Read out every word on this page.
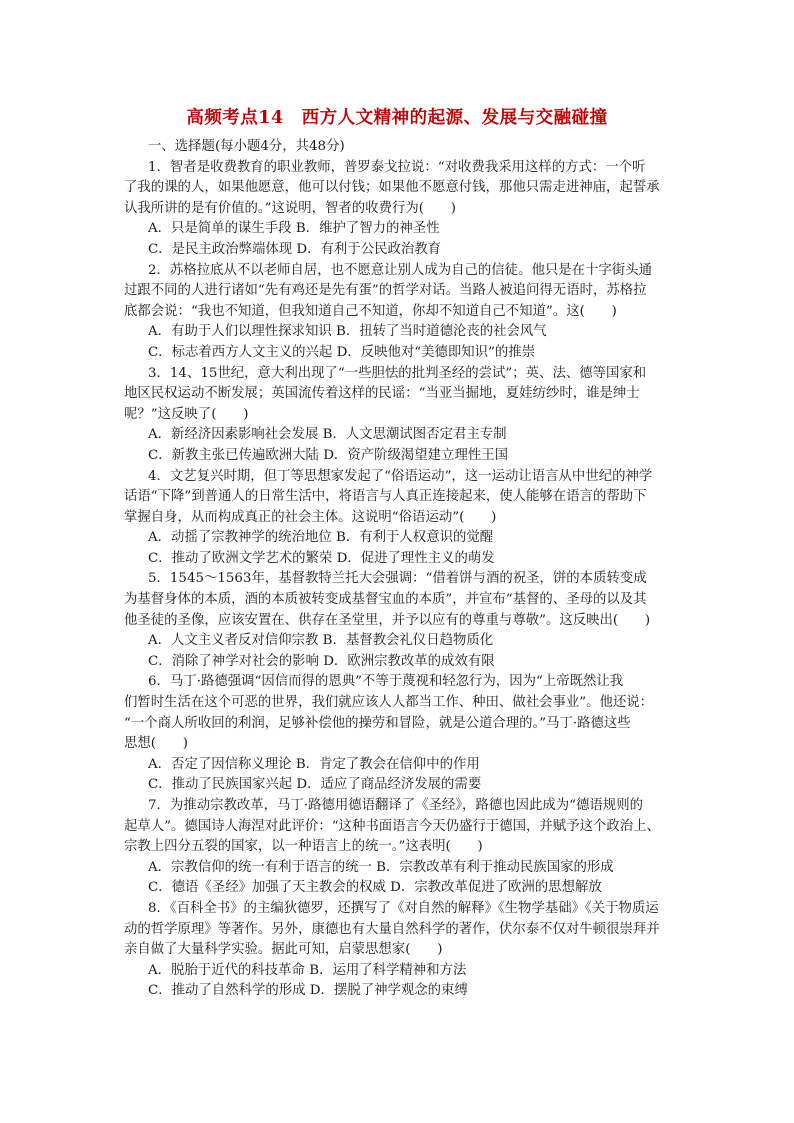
高频考点14　西方人文精神的起源、发展与交融碰撞
一、选择题(每小题4分，共48分)
1．智者是收费教育的职业教师，普罗泰戈拉说：“对收费我采用这样的方式：一个听
了我的课的人，如果他愿意，他可以付钱；如果他不愿意付钱，那他只需走进神庙，起誓承
认我所讲的是有价值的。”这说明，智者的收费行为(　　)
A．只是简单的谋生手段 B．维护了智力的神圣性
C．是民主政治弊端体现 D．有利于公民政治教育
2．苏格拉底从不以老师自居，也不愿意让别人成为自己的信徒。他只是在十字街头通
过跟不同的人进行诸如“先有鸡还是先有蛋”的哲学对话。当路人被追问得无语时，苏格拉
底都会说：“我也不知道，但我知道自己不知道，你却不知道自己不知道”。这(　　)
A．有助于人们以理性探求知识 B．扭转了当时道德沦丧的社会风气
C．标志着西方人文主义的兴起 D．反映他对“美德即知识”的推崇
3．14、15世纪，意大利出现了“一些胆怯的批判圣经的尝试”；英、法、德等国家和
地区民权运动不断发展；英国流传着这样的民谣：“当亚当掘地，夏娃纺纱时，谁是绅士
呢？”这反映了(　　)
A．新经济因素影响社会发展 B．人文思潮试图否定君主专制
C．新教主张已传遍欧洲大陆 D．资产阶级渴望建立理性王国
4．文艺复兴时期，但丁等思想家发起了“俗语运动”，这一运动让语言从中世纪的神学
话语“下降”到普通人的日常生活中，将语言与人真正连接起来，使人能够在语言的帮助下
掌握自身，从而构成真正的社会主体。这说明“俗语运动”(　　)
A．动摇了宗教神学的统治地位 B．有利于人权意识的觉醒
C．推动了欧洲文学艺术的繁荣 D．促进了理性主义的萌发
5．1545～1563年，基督教特兰托大会强调：“借着饼与酒的祝圣，饼的本质转变成
为基督身体的本质，酒的本质被转变成基督宝血的本质”，并宣布“基督的、圣母的以及其
他圣徒的圣像，应该安置在、供存在圣堂里，并予以应有的尊重与尊敬”。这反映出(　　)
A．人文主义者反对信仰宗教 B．基督教会礼仪日趋物质化
C．消除了神学对社会的影响 D．欧洲宗教改革的成效有限
6．马丁·路德强调“因信而得的恩典”不等于蔑视和轻忽行为，因为“上帝既然让我
们暂时生活在这个可恶的世界，我们就应该人人都当工作、种田、做社会事业”。他还说：
“一个商人所收回的利润，足够补偿他的操劳和冒险，就是公道合理的。”马丁·路德这些
思想(　　)
A．否定了因信称义理论 B．肯定了教会在信仰中的作用
C．推动了民族国家兴起 D．适应了商品经济发展的需要
7．为推动宗教改革，马丁·路德用德语翻译了《圣经》，路德也因此成为“德语规则的
起草人”。德国诗人海涅对此评价：“这种书面语言今天仍盛行于德国，并赋予这个政治上、
宗教上四分五裂的国家，以一种语言上的统一。”这表明(　　)
A．宗教信仰的统一有利于语言的统一 B．宗教改革有利于推动民族国家的形成
C．德语《圣经》加强了天主教会的权威 D．宗教改革促进了欧洲的思想解放
8．《百科全书》的主编狄德罗，还撰写了《对自然的解释》《生物学基础》《关于物质运
动的哲学原理》等著作。另外，康德也有大量自然科学的著作，伏尔泰不仅对牛顿很崇拜并
亲自做了大量科学实验。据此可知，启蒙思想家(　　)
A．脱胎于近代的科技革命 B．运用了科学精神和方法
C．推动了自然科学的形成 D．摆脱了神学观念的束缚
